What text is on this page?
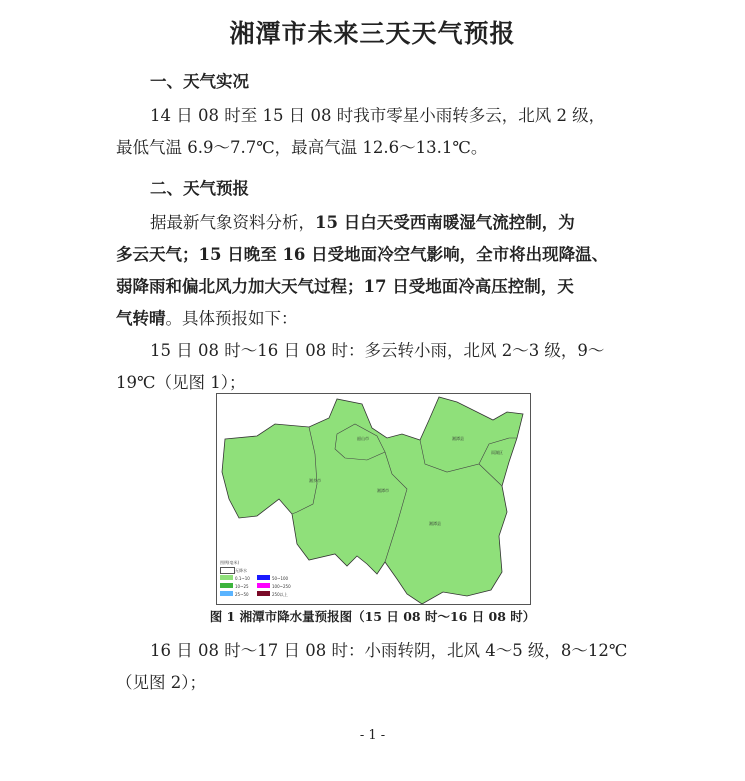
湘潭市未来三天天气预报
一、天气实况
14 日 08 时至 15 日 08 时我市零星小雨转多云，北风 2 级，
最低气温 6.9～7.7℃，最高气温 12.6～13.1℃。
二、天气预报
据最新气象资料分析，15 日白天受西南暖湿气流控制，为
多云天气；15 日晚至 16 日受地面冷空气影响，全市将出现降温、
弱降雨和偏北风力加大天气过程；17 日受地面冷高压控制，天
气转晴。具体预报如下：
15 日 08 时～16 日 08 时：多云转小雨，北风 2～3 级，9～
19℃（见图 1）；
湘潭县
韶山市
湘乡市
湘潭市
湘潭县
雨湖区
图例(毫米)
无降水
0.1~10
10~25
25~50
50~100
100~250
250以上
图 1 湘潭市降水量预报图（15 日 08 时～16 日 08 时）
16 日 08 时～17 日 08 时：小雨转阴，北风 4～5 级，8～12℃
（见图 2）；
- 1 -
